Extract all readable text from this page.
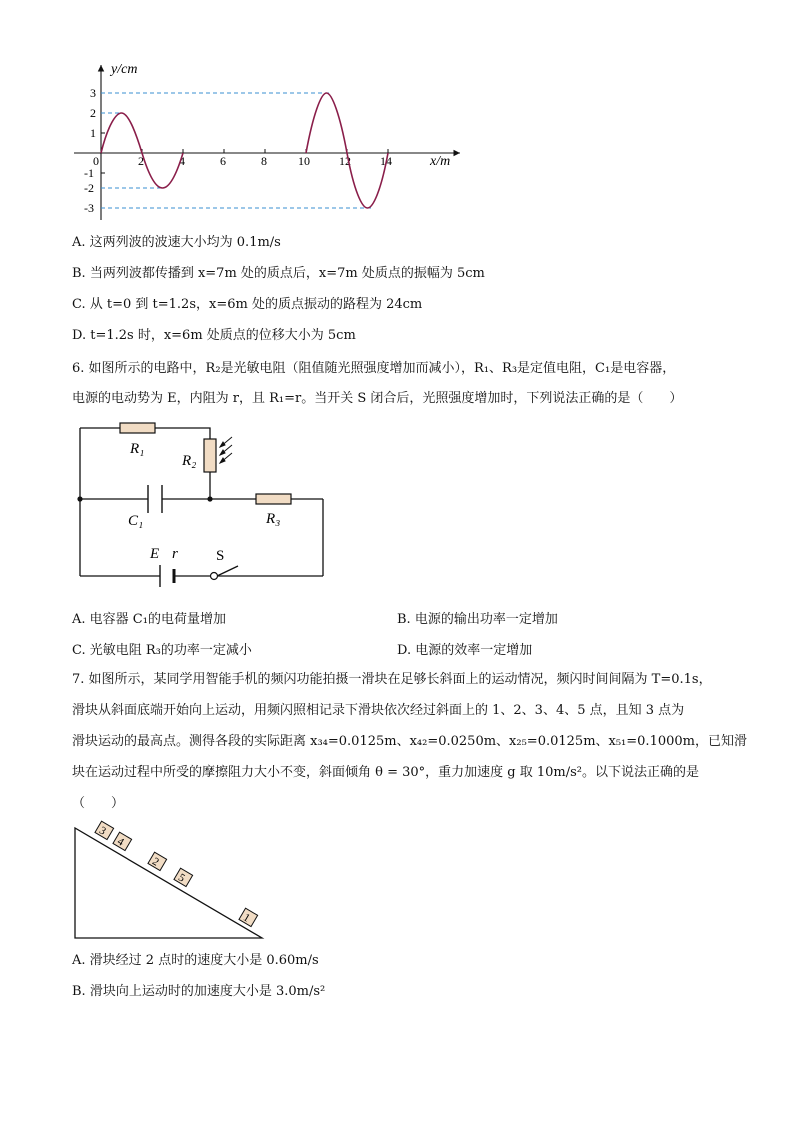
y/cm
x/m
0
3
2
1
-1
-2
-3
2	4	6	8	10 12 14
A. 这两列波的波速大小均为 0.1m/s
B. 当两列波都传播到 x=7m 处的质点后，x=7m 处质点的振幅为 5cm
C. 从 t=0 到 t=1.2s，x=6m 处的质点振动的路程为 24cm
D. t=1.2s 时，x=6m 处质点的位移大小为 5cm
6. 如图所示的电路中，R₂是光敏电阻（阻值随光照强度增加而减小），R₁、R₃是定值电阻，C₁是电容器，
电源的电动势为 E，内阻为 r，且 R₁=r。当开关 S 闭合后，光照强度增加时，下列说法正确的是（　　）
R₁
R₂
R₃
C₁
E r	S
A. 电容器 C₁的电荷量增加	B. 电源的输出功率一定增加
C. 光敏电阻 R₃的功率一定减小	D. 电源的效率一定增加
7. 如图所示，某同学用智能手机的频闪功能拍摄一滑块在足够长斜面上的运动情况，频闪时间间隔为 T=0.1s，
滑块从斜面底端开始向上运动，用频闪照相记录下滑块依次经过斜面上的 1、2、3、4、5 点，且知 3 点为
滑块运动的最高点。测得各段的实际距离 x₃₄=0.0125m、x₄₂=0.0250m、x₂₅=0.0125m、x₅₁=0.1000m，已知滑
块在运动过程中所受的摩擦阻力大小不变，斜面倾角 θ = 30°，重力加速度 g 取 10m/s²。以下说法正确的是
（　　）
3
4
2
5
1
A. 滑块经过 2 点时的速度大小是 0.60m/s
B. 滑块向上运动时的加速度大小是 3.0m/s²
